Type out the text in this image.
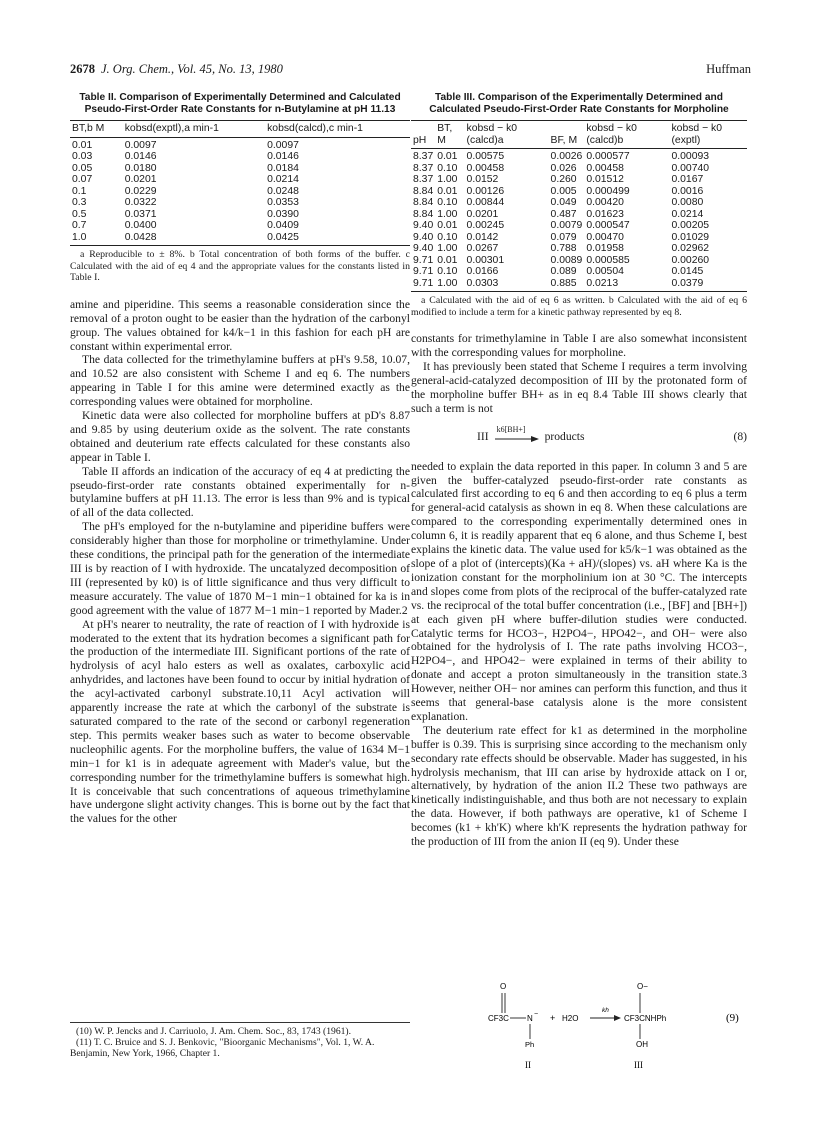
2678 J. Org. Chem., Vol. 45, No. 13, 1980	Huffman
Table II. Comparison of Experimentally Determined and Calculated Pseudo-First-Order Rate Constants for n-Butylamine at pH 11.13
BT,b M	kobsd(exptl),a min-1	kobsd(calcd),c min-1
0.01	0.0097	0.0097
0.03	0.0146	0.0146
0.05	0.0180	0.0184
0.07	0.0201	0.0214
0.1	0.0229	0.0248
0.3	0.0322	0.0353
0.5	0.0371	0.0390
0.7	0.0400	0.0409
1.0	0.0428	0.0425
a Reproducible to ± 8%. b Total concentration of both forms of the buffer. c Calculated with the aid of eq 4 and the appropriate values for the constants listed in Table I.

amine and piperidine. This seems a reasonable consideration since the removal of a proton ought to be easier than the hydration of the carbonyl group. The values obtained for k4/k−1 in this fashion for each pH are constant within experimental error.

The data collected for the trimethylamine buffers at pH's 9.58, 10.07, and 10.52 are also consistent with Scheme I and eq 6. The numbers appearing in Table I for this amine were determined exactly as the corresponding values were obtained for morpholine.

Kinetic data were also collected for morpholine buffers at pD's 8.87 and 9.85 by using deuterium oxide as the solvent. The rate constants obtained and deuterium rate effects calculated for these constants also appear in Table I.

Table II affords an indication of the accuracy of eq 4 at predicting the pseudo-first-order rate constants obtained experimentally for n-butylamine buffers at pH 11.13. The error is less than 9% and is typical of all of the data collected.

The pH's employed for the n-butylamine and piperidine buffers were considerably higher than those for morpholine or trimethylamine. Under these conditions, the principal path for the generation of the intermediate III is by reaction of I with hydroxide. The uncatalyzed decomposition of III (represented by k0) is of little significance and thus very difficult to measure accurately. The value of 1870 M−1 min−1 obtained for ka is in good agreement with the value of 1877 M−1 min−1 reported by Mader.2

At pH's nearer to neutrality, the rate of reaction of I with hydroxide is moderated to the extent that its hydration becomes a significant path for the production of the intermediate III. Significant portions of the rate of hydrolysis of acyl halo esters as well as oxalates, carboxylic acid anhydrides, and lactones have been found to occur by initial hydration of the acyl-activated carbonyl substrate.10,11 Acyl activation will apparently increase the rate at which the carbonyl of the substrate is saturated compared to the rate of the second or carbonyl regeneration step. This permits weaker bases such as water to become observable nucleophilic agents. For the morpholine buffers, the value of 1634 M−1 min−1 for k1 is in adequate agreement with Mader's value, but the corresponding number for the trimethylamine buffers is somewhat high. It is conceivable that such concentrations of aqueous trimethylamine have undergone slight activity changes. This is borne out by the fact that the values for the other

Table III. Comparison of the Experimentally Determined and Calculated Pseudo-First-Order Rate Constants for Morpholine
pH	BT, M	kobsd − k0 (calcd)a	BF, M	kobsd − k0 (calcd)b	kobsd − k0 (exptl)
8.37	0.01	0.00575	0.0026	0.000577	0.00093
8.37	0.10	0.00458	0.026	0.00458	0.00740
8.37	1.00	0.0152	0.260	0.01512	0.0167
8.84	0.01	0.00126	0.005	0.000499	0.0016
8.84	0.10	0.00844	0.049	0.00420	0.0080
8.84	1.00	0.0201	0.487	0.01623	0.0214
9.40	0.01	0.00245	0.0079	0.000547	0.00205
9.40	0.10	0.0142	0.079	0.00470	0.01029
9.40	1.00	0.0267	0.788	0.01958	0.02962
9.71	0.01	0.00301	0.0089	0.000585	0.00260
9.71	0.10	0.0166	0.089	0.00504	0.0145
9.71	1.00	0.0303	0.885	0.0213	0.0379
a Calculated with the aid of eq 6 as written. b Calculated with the aid of eq 6 modified to include a term for a kinetic pathway represented by eq 8.

constants for trimethylamine in Table I are also somewhat inconsistent with the corresponding values for morpholine.

It has previously been stated that Scheme I requires a term involving general-acid-catalyzed decomposition of III by the protonated form of the morpholine buffer BH+ as in eq 8.4 Table III shows clearly that such a term is not

III
k6[BH+]
products	(8)

needed to explain the data reported in this paper. In column 3 and 5 are given the buffer-catalyzed pseudo-first-order rate constants as calculated first according to eq 6 and then according to eq 6 plus a term for general-acid catalysis as shown in eq 8. When these calculations are compared to the corresponding experimentally determined ones in column 6, it is readily apparent that eq 6 alone, and thus Scheme I, best explains the kinetic data. The value used for k5/k−1 was obtained as the slope of a plot of (intercepts)(Ka + aH)/(slopes) vs. aH where Ka is the ionization constant for the morpholinium ion at 30 °C. The intercepts and slopes come from plots of the reciprocal of the buffer-catalyzed rate vs. the reciprocal of the total buffer concentration (i.e., [BF] and [BH+]) at each given pH where buffer-dilution studies were conducted. Catalytic terms for HCO3−, H2PO4−, HPO42−, and OH− were also obtained for the hydrolysis of I. The rate paths involving HCO3−, H2PO4−, and HPO42− were explained in terms of their ability to donate and accept a proton simultaneously in the transition state.3 However, neither OH− nor amines can perform this function, and thus it seems that general-base catalysis alone is the more consistent explanation.

The deuterium rate effect for k1 as determined in the morpholine buffer is 0.39. This is surprising since according to the mechanism only secondary rate effects should be observable. Mader has suggested, in his hydrolysis mechanism, that III can arise by hydroxide attack on I or, alternatively, by hydration of the anion II.2 These two pathways are kinetically indistinguishable, and thus both are not necessary to explain the data. However, if both pathways are operative, k1 of Scheme I becomes (k1 + kh'K) where kh'K represents the hydration pathway for the production of III from the anion II (eq 9). Under these

O
CF3C N −
Ph
+ H2O
kh
O−
CF3CNHPh
OH
II	III
(9)
(10) W. P. Jencks and J. Carriuolo, J. Am. Chem. Soc., 83, 1743 (1961).
(11) T. C. Bruice and S. J. Benkovic, "Bioorganic Mechanisms", Vol. 1, W. A. Benjamin, New York, 1966, Chapter 1.
